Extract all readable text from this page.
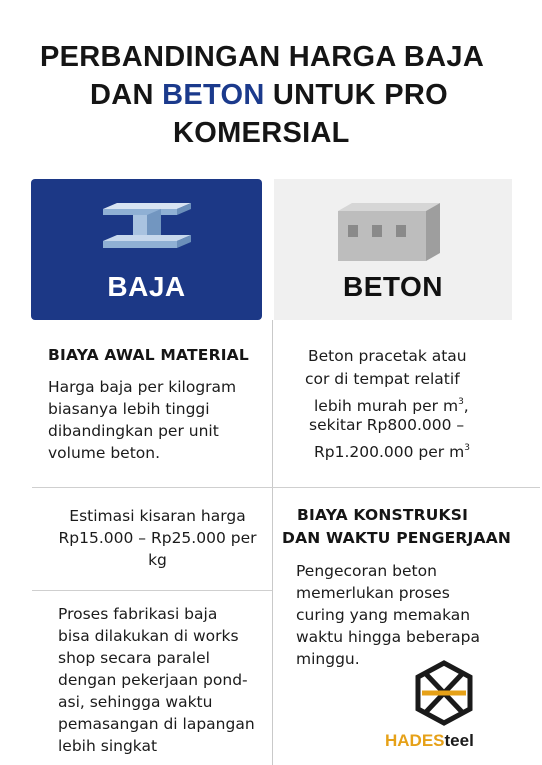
PERBANDINGAN HARGA BAJA
DAN BETON UNTUK PRO
KOMERSIAL
BAJA	BETON
BIAYA AWAL MATERIAL
Harga baja per kilogram
biasanya lebih tinggi
dibandingkan per unit
volume beton.
Beton pracetak atau
cor di tempat relatif
lebih murah per $m^3$,
sekitar Rp800.000 –
Rp1.200.000 per $m^3$
Estimasi kisaran harga
Rp15.000 – Rp25.000 per
kg
BIAYA KONSTRUKSI
DAN WAKTU PENGERJAAN
Pengecoran beton
memerlukan proses
curing yang memakan
waktu hingga beberapa
minggu.
Proses fabrikasi baja
bisa dilakukan di works
shop secara paralel
dengan pekerjaan pond-
asi, sehingga waktu
pemasangan di lapangan
lebih singkat	HADESteel
